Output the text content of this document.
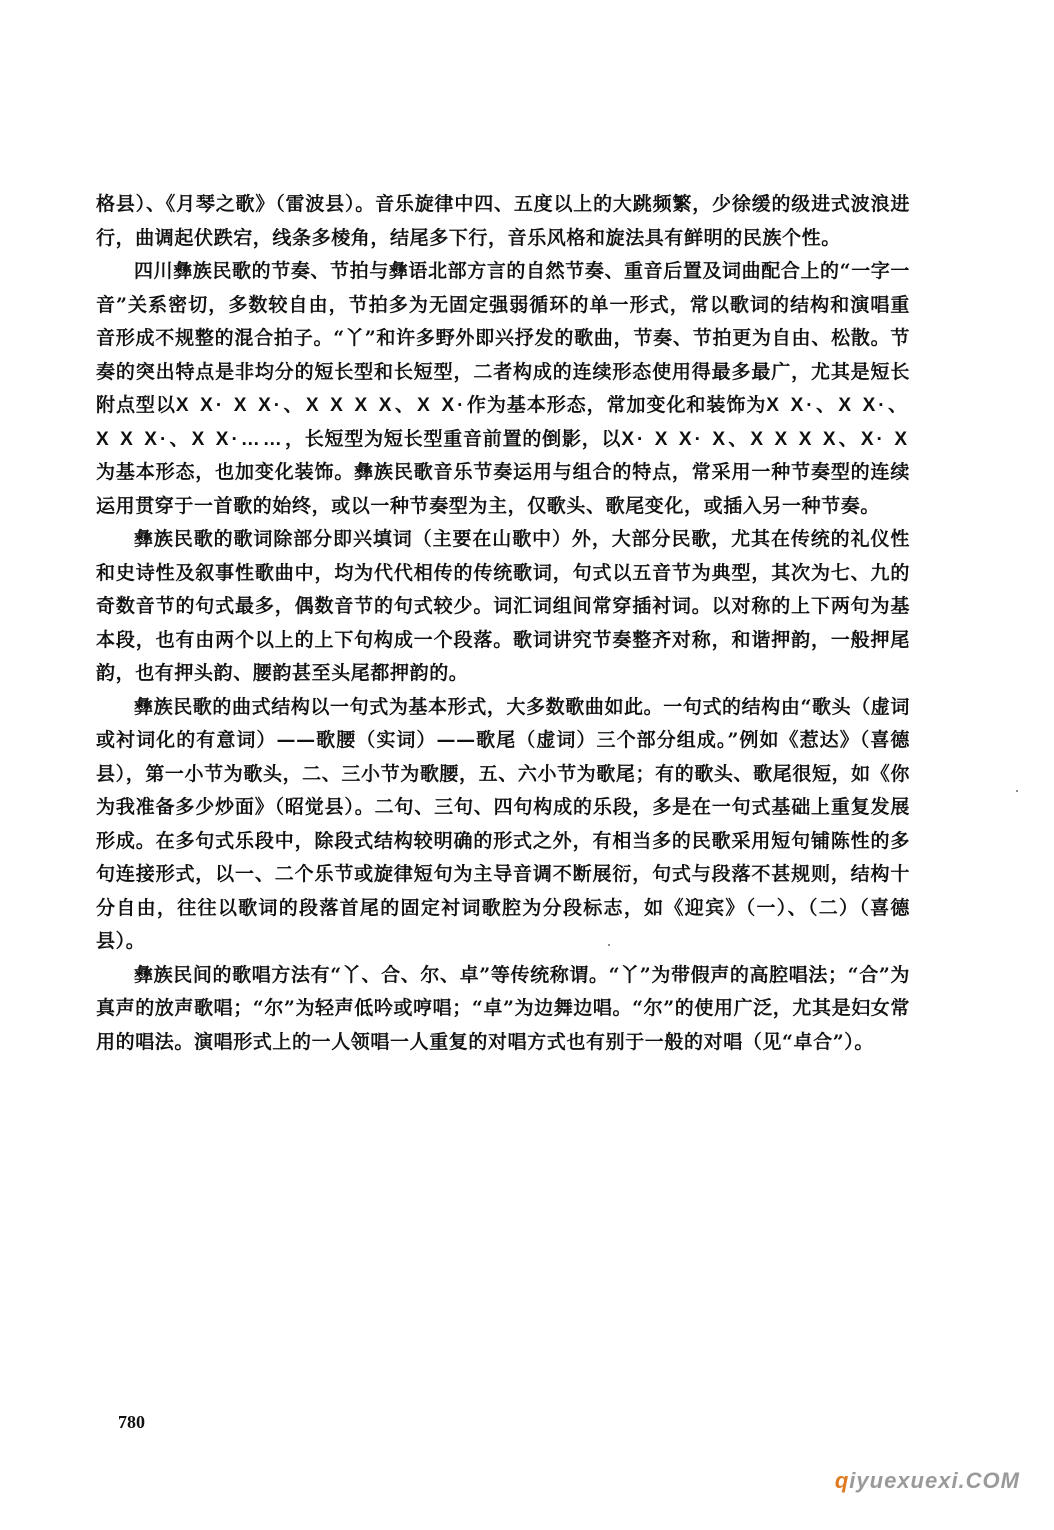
格县）、《月琴之歌》（雷波县）。音乐旋律中四、五度以上的大跳频繁，少徐缓的级进式波浪进行，曲调起伏跌宕，线条多棱角，结尾多下行，音乐风格和旋法具有鲜明的民族个性。

四川彝族民歌的节奏、节拍与彝语北部方言的自然节奏、重音后置及词曲配合上的“一字一音”关系密切，多数较自由，节拍多为无固定强弱循环的单一形式，常以歌词的结构和演唱重音形成不规整的混合拍子。“丫”和许多野外即兴抒发的歌曲，节奏、节拍更为自由、松散。节奏的突出特点是非均分的短长型和长短型，二者构成的连续形态使用得最多最广，尤其是短长附点型以X X· X X·、X X X X、X X·作为基本形态，常加变化和装饰为X X·、X X·、X X X·、X X·……，长短型为短长型重音前置的倒影，以X· X X· X、X X X X、X· X为基本形态，也加变化装饰。彝族民歌音乐节奏运用与组合的特点，常采用一种节奏型的连续运用贯穿于一首歌的始终，或以一种节奏型为主，仅歌头、歌尾变化，或插入另一种节奏。

彝族民歌的歌词除部分即兴填词（主要在山歌中）外，大部分民歌，尤其在传统的礼仪性和史诗性及叙事性歌曲中，均为代代相传的传统歌词，句式以五音节为典型，其次为七、九的奇数音节的句式最多，偶数音节的句式较少。词汇词组间常穿插衬词。以对称的上下两句为基本段，也有由两个以上的上下句构成一个段落。歌词讲究节奏整齐对称，和谐押韵，一般押尾韵，也有押头韵、腰韵甚至头尾都押韵的。

彝族民歌的曲式结构以一句式为基本形式，大多数歌曲如此。一句式的结构由“歌头（虚词或衬词化的有意词）——歌腰（实词）——歌尾（虚词）三个部分组成。”例如《惹达》（喜德县），第一小节为歌头，二、三小节为歌腰，五、六小节为歌尾；有的歌头、歌尾很短，如《你为我准备多少炒面》（昭觉县）。二句、三句、四句构成的乐段，多是在一句式基础上重复发展形成。在多句式乐段中，除段式结构较明确的形式之外，有相当多的民歌采用短句铺陈性的多句连接形式，以一、二个乐节或旋律短句为主导音调不断展衍，句式与段落不甚规则，结构十分自由，往往以歌词的段落首尾的固定衬词歌腔为分段标志，如《迎宾》（一）、（二）（喜德县）。

彝族民间的歌唱方法有“丫、合、尔、卓”等传统称谓。“丫”为带假声的高腔唱法；“合”为真声的放声歌唱；“尔”为轻声低吟或哼唱；“卓”为边舞边唱。“尔”的使用广泛，尤其是妇女常用的唱法。演唱形式上的一人领唱一人重复的对唱方式也有别于一般的对唱（见“卓合”）。

780
qiyuexuexi.COM
